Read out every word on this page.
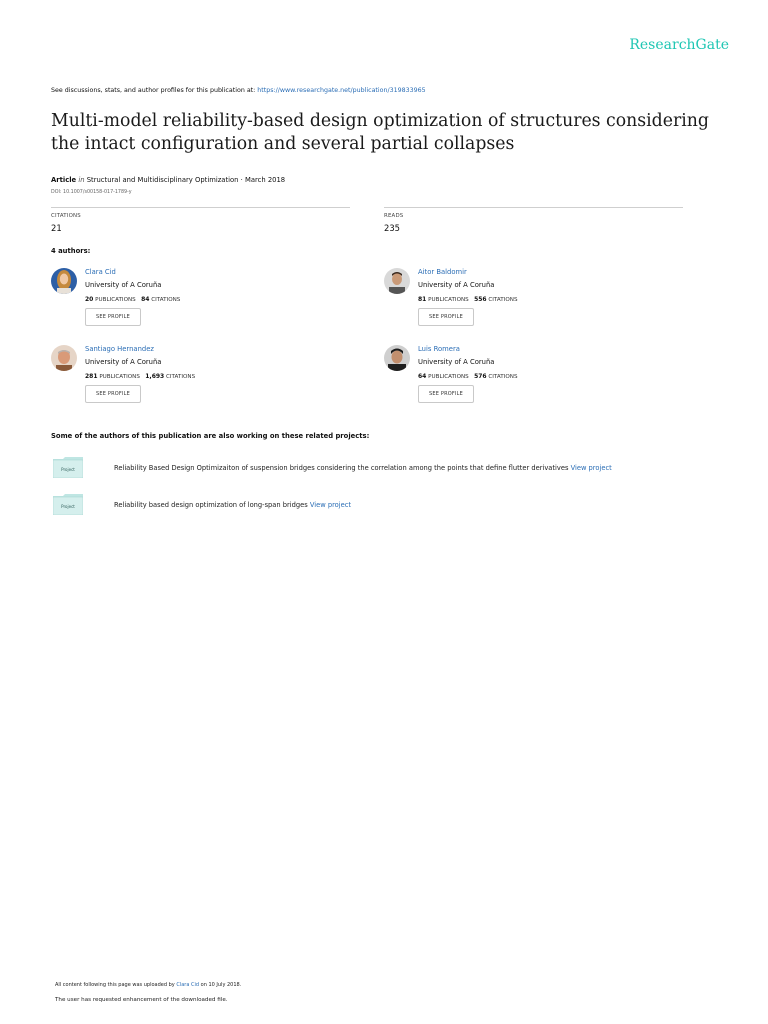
ResearchGate
See discussions, stats, and author profiles for this publication at: https://www.researchgate.net/publication/319833965
Multi-model reliability-based design optimization of structures considering the intact configuration and several partial collapses
Article in Structural and Multidisciplinary Optimization · March 2018
DOI: 10.1007/s00158-017-1789-y
CITATIONS
21
READS
235
4 authors:
Clara Cid
University of A Coruña
20 PUBLICATIONS 84 CITATIONS
SEE PROFILE
Aitor Baldomir
University of A Coruña
81 PUBLICATIONS 556 CITATIONS
SEE PROFILE
Santiago Hernandez
University of A Coruña
281 PUBLICATIONS 1,693 CITATIONS
SEE PROFILE
Luis Romera
University of A Coruña
64 PUBLICATIONS 576 CITATIONS
SEE PROFILE
Some of the authors of this publication are also working on these related projects:
Project	Reliability Based Design Optimizaiton of suspension bridges considering the correlation among the points that define flutter derivatives View project
Project	Reliability based design optimization of long-span bridges View project
All content following this page was uploaded by Clara Cid on 10 July 2018.
The user has requested enhancement of the downloaded file.
